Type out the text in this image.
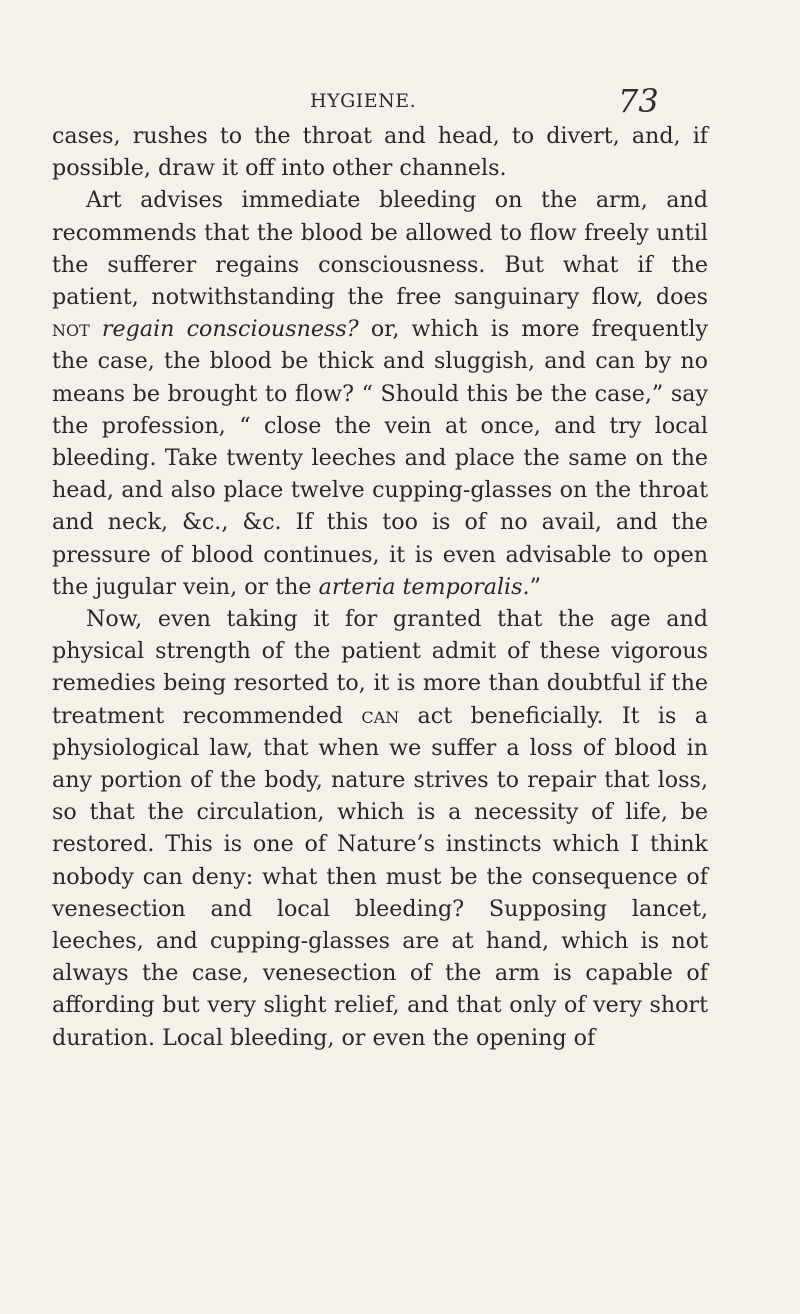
HYGIENE.	73

cases, rushes to the throat and head, to divert, and, if possible, draw it off into other channels.

Art advises immediate bleeding on the arm, and recommends that the blood be allowed to flow freely until the sufferer regains consciousness. But what if the patient, notwithstanding the free sanguinary flow, does not regain consciousness? or, which is more frequently the case, the blood be thick and sluggish, and can by no means be brought to flow? “ Should this be the case,” say the profession, “ close the vein at once, and try local bleeding. Take twenty leeches and place the same on the head, and also place twelve cupping-glasses on the throat and neck, &c., &c. If this too is of no avail, and the pressure of blood continues, it is even advisable to open the jugular vein, or the arteria temporalis.”

Now, even taking it for granted that the age and physical strength of the patient admit of these vigorous remedies being resorted to, it is more than doubtful if the treatment recommended can act beneficially. It is a physiological law, that when we suffer a loss of blood in any portion of the body, nature strives to repair that loss, so that the circulation, which is a necessity of life, be restored. This is one of Nature’s instincts which I think nobody can deny: what then must be the consequence of venesection and local bleeding? Supposing lancet, leeches, and cupping-glasses are at hand, which is not always the case, venesection of the arm is capable of affording but very slight relief, and that only of very short duration. Local bleeding, or even the opening of
